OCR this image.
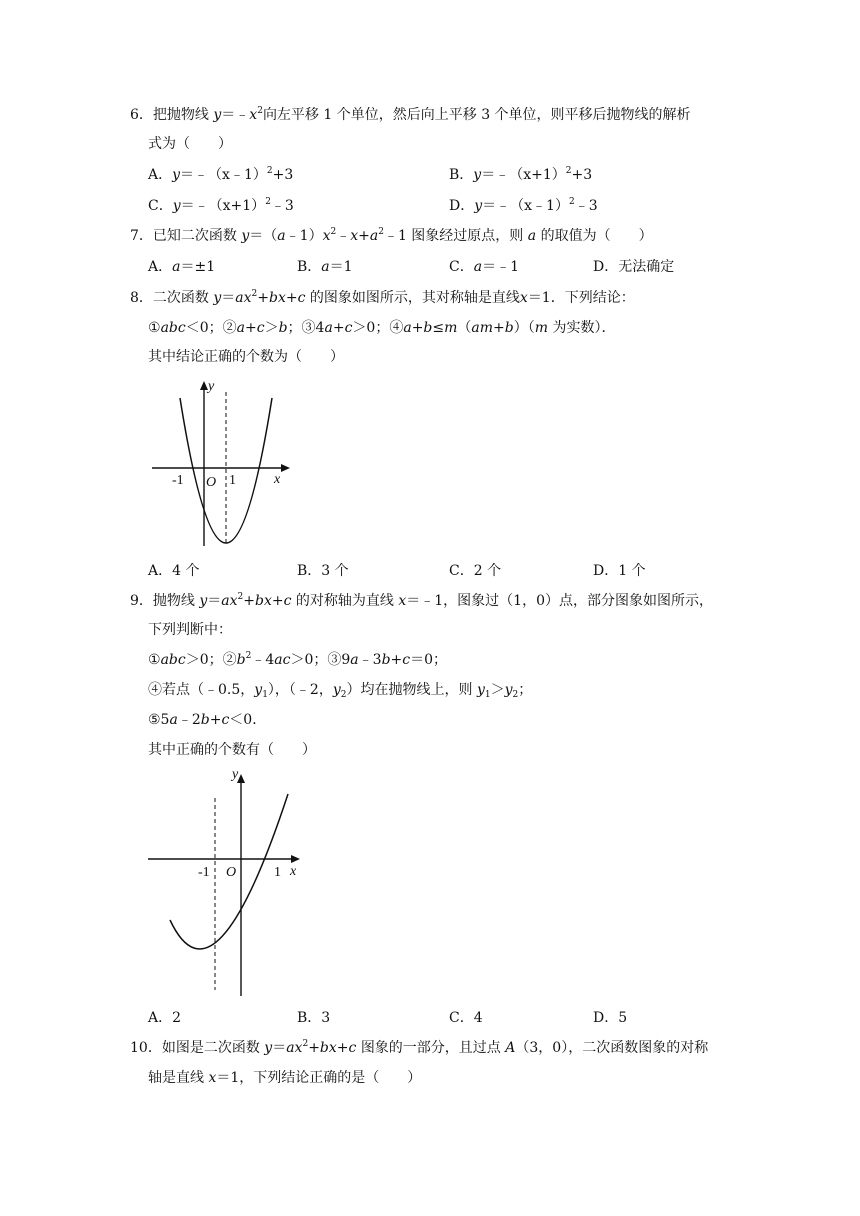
6．把抛物线 $y=﹣x^2$向左平移 1 个单位，然后向上平移 3 个单位，则平移后抛物线的解析
式为（　　）
A．y＝﹣（x﹣1）$^2$+3	B．$y=﹣(x+1)^2+3$
C．$y=﹣(x+1)^2﹣3$	D．y＝﹣（x﹣1）$^2$﹣3
7．已知二次函数 $y=(a﹣1)x^2﹣x+a^2﹣1$ 图象经过原点，则 a 的取值为（　　）
A．a＝±1	B．a＝1	C．a＝﹣1	D．无法确定
8．二次函数 $y=ax^2+bx+c$ 的图象如图所示，其对称轴是直线x＝1．下列结论：
①abc＜0；②a+c＞b；③4a+c＞0；④a+b≤m（am+b）（m 为实数）．
其中结论正确的个数为（　　）
y
x
O
-1	1
A．4 个	B．3 个	C．2 个	D．1 个
9．抛物线 $y=ax^2+bx+c$ 的对称轴为直线 x＝﹣1，图象过（1，0）点，部分图象如图所示，
下列判断中：
①abc＞0；$②b^2﹣4ac>0$；③9a﹣3b+c＝0；
④若点（﹣0.5，$y_1$），（﹣2，$y_2$）均在抛物线上，则 $y_1>y_2$；
⑤5a﹣2b+c＜0．
其中正确的个数有（　　）
y
x
O
-1	1
A．2	B．3	C．4	D．5
10．如图是二次函数 $y=ax^2+bx+c$ 图象的一部分，且过点 A（3，0），二次函数图象的对称
轴是直线 x＝1，下列结论正确的是（　　）
